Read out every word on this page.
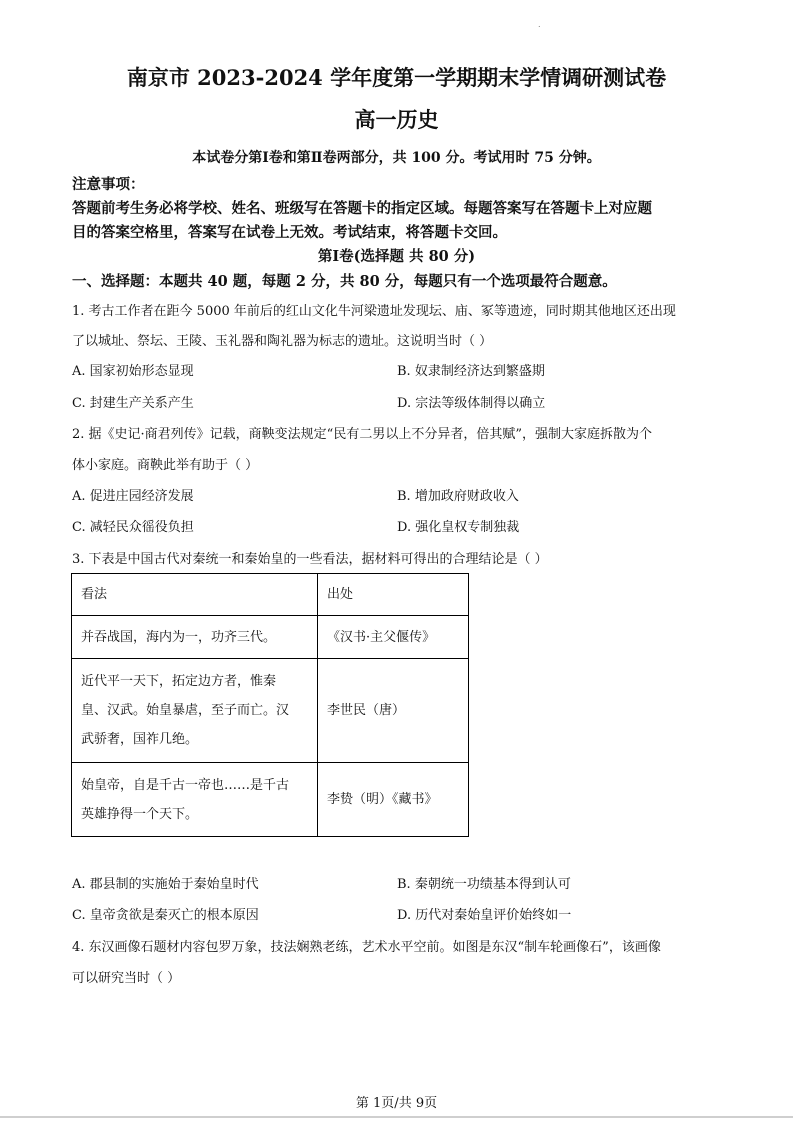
.
南京市 2023-2024 学年度第一学期期末学情调研测试卷
高一历史
本试卷分第Ⅰ卷和第Ⅱ卷两部分，共 100 分。考试用时 75 分钟。
注意事项：
答题前考生务必将学校、姓名、班级写在答题卡的指定区域。每题答案写在答题卡上对应题
目的答案空格里，答案写在试卷上无效。考试结束，将答题卡交回。
第Ⅰ卷(选择题 共 80 分)
一、选择题：本题共 40 题，每题 2 分，共 80 分，每题只有一个选项最符合题意。
1. 考古工作者在距今 5000 年前后的红山文化牛河梁遗址发现坛、庙、冢等遗迹，同时期其他地区还出现
了以城址、祭坛、王陵、玉礼器和陶礼器为标志的遗址。这说明当时（ ）
A. 国家初始形态显现	B. 奴隶制经济达到繁盛期
C. 封建生产关系产生	D. 宗法等级体制得以确立
2. 据《史记·商君列传》记载，商鞅变法规定“民有二男以上不分异者，倍其赋”，强制大家庭拆散为个
体小家庭。商鞅此举有助于（ ）
A. 促进庄园经济发展	B. 增加政府财政收入
C. 减轻民众徭役负担	D. 强化皇权专制独裁
3. 下表是中国古代对秦统一和秦始皇的一些看法，据材料可得出的合理结论是（ ）
看法	出处
并吞战国，海内为一，功齐三代。	《汉书·主父偃传》

近代平一天下，拓定边方者，惟秦
皇、汉武。始皇暴虐，至子而亡。汉
武骄奢，国祚几绝。	李世民（唐）

始皇帝，自是千古一帝也……是千古
英雄挣得一个天下。	李贽（明）《藏书》
A. 郡县制的实施始于秦始皇时代	B. 秦朝统一功绩基本得到认可
C. 皇帝贪欲是秦灭亡的根本原因	D. 历代对秦始皇评价始终如一
4. 东汉画像石题材内容包罗万象，技法娴熟老练，艺术水平空前。如图是东汉“制车轮画像石”，该画像
可以研究当时（ ）
第 1页/共 9页
